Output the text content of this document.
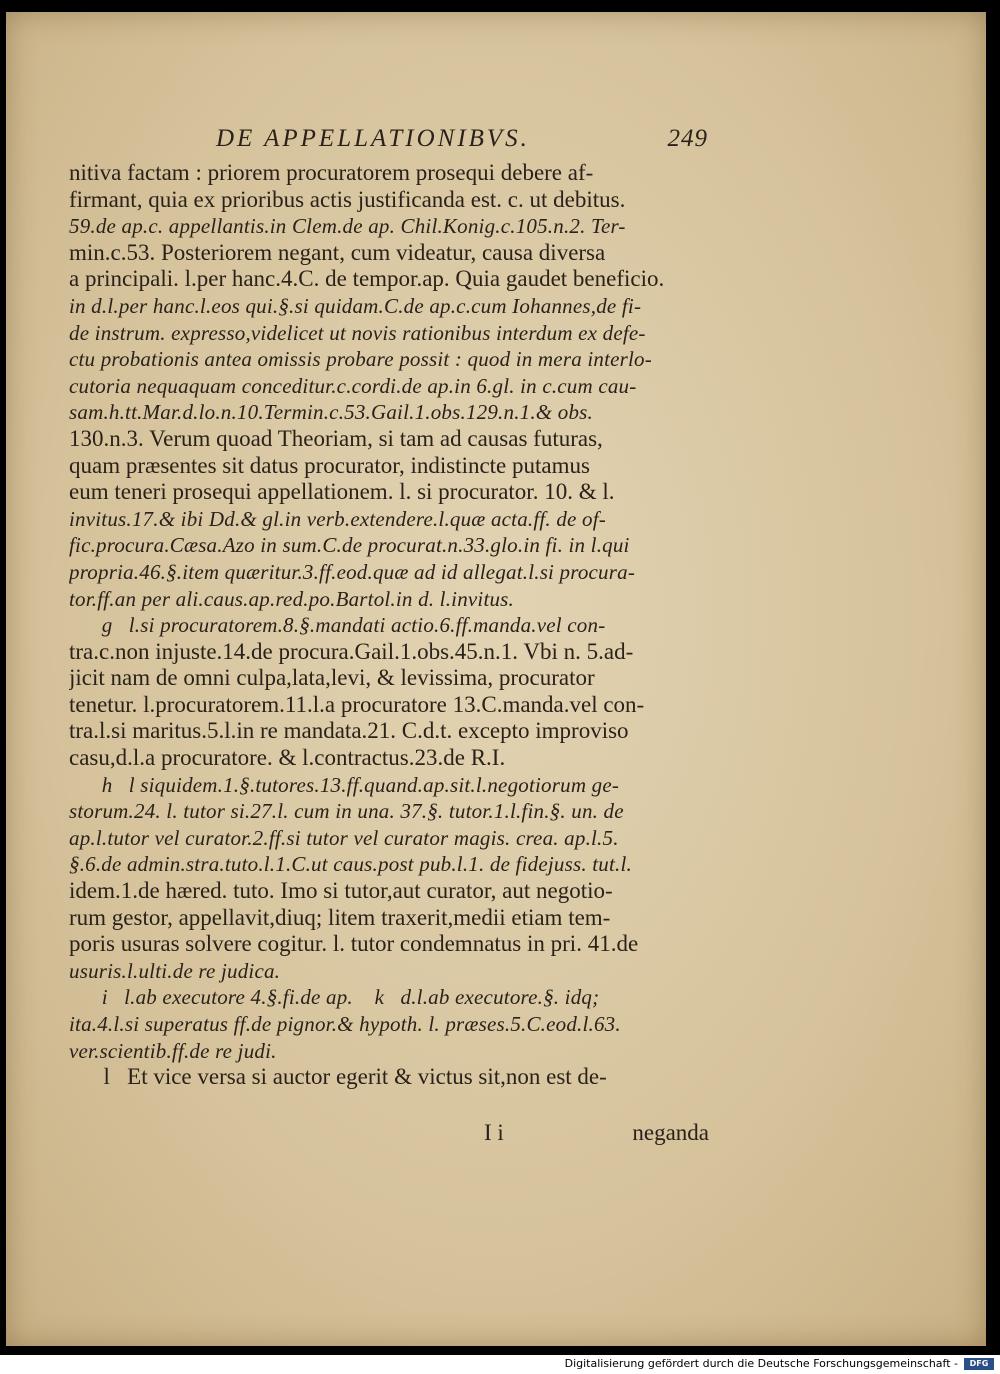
DE APPELLATIONIBVS.	249
nitiva factam : priorem procuratorem prosequi debere af-
firmant, quia ex prioribus actis justificanda est. c. ut debitus.
59.de ap.c. appellantis.in Clem.de ap. Chil.Konig.c.105.n.2. Ter-
min.c.53. Posteriorem negant, cum videatur, causa diversa
a principali. l.per hanc.4.C. de tempor.ap. Quia gaudet beneficio.
in d.l.per hanc.l.eos qui.§.si quidam.C.de ap.c.cum Iohannes,de fi-
de instrum. expresso,videlicet ut novis rationibus interdum ex defe-
ctu probationis antea omissis probare possit : quod in mera interlo-
cutoria nequaquam conceditur.c.cordi.de ap.in 6.gl. in c.cum cau-
sam.h.tt.Mar.d.lo.n.10.Termin.c.53.Gail.1.obs.129.n.1.& obs.
130.n.3. Verum quoad Theoriam, si tam ad causas futuras,
quam præsentes sit datus procurator, indistincte putamus
eum teneri prosequi appellationem. l. si procurator. 10. & l.
invitus.17.& ibi Dd.& gl.in verb.extendere.l.quæ acta.ff. de of-
fic.procura.Cæsa.Azo in sum.C.de procurat.n.33.glo.in fi. in l.qui
propria.46.§.item quæritur.3.ff.eod.quæ ad id allegat.l.si procura-
tor.ff.an per ali.caus.ap.red.po.Bartol.in d. l.invitus.
g   l.si procuratorem.8.§.mandati actio.6.ff.manda.vel con-
tra.c.non injuste.14.de procura.Gail.1.obs.45.n.1. Vbi n. 5.ad-
jicit nam de omni culpa,lata,levi, & levissima, procurator
tenetur. l.procuratorem.11.l.a procuratore 13.C.manda.vel con-
tra.l.si maritus.5.l.in re mandata.21. C.d.t. excepto improviso
casu,d.l.a procuratore. & l.contractus.23.de R.I.
h   l siquidem.1.§.tutores.13.ff.quand.ap.sit.l.negotiorum ge-
storum.24. l. tutor si.27.l. cum in una. 37.§. tutor.1.l.fin.§. un. de
ap.l.tutor vel curator.2.ff.si tutor vel curator magis. crea. ap.l.5.
§.6.de admin.stra.tuto.l.1.C.ut caus.post pub.l.1. de fidejuss. tut.l.
idem.1.de hæred. tuto. Imo si tutor,aut curator, aut negotio-
rum gestor, appellavit,diuq; litem traxerit,medii etiam tem-
poris usuras solvere cogitur. l. tutor condemnatus in pri. 41.de
usuris.l.ulti.de re judica.
i   l.ab executore 4.§.fi.de ap.    k   d.l.ab executore.§. idq;
ita.4.l.si superatus ff.de pignor.& hypoth. l. præses.5.C.eod.l.63.
ver.scientib.ff.de re judi.
l   Et vice versa si auctor egerit & victus sit,non est de-
I i	neganda
Digitalisierung gefördert durch die Deutsche Forschungsgemeinschaft -	DFG
